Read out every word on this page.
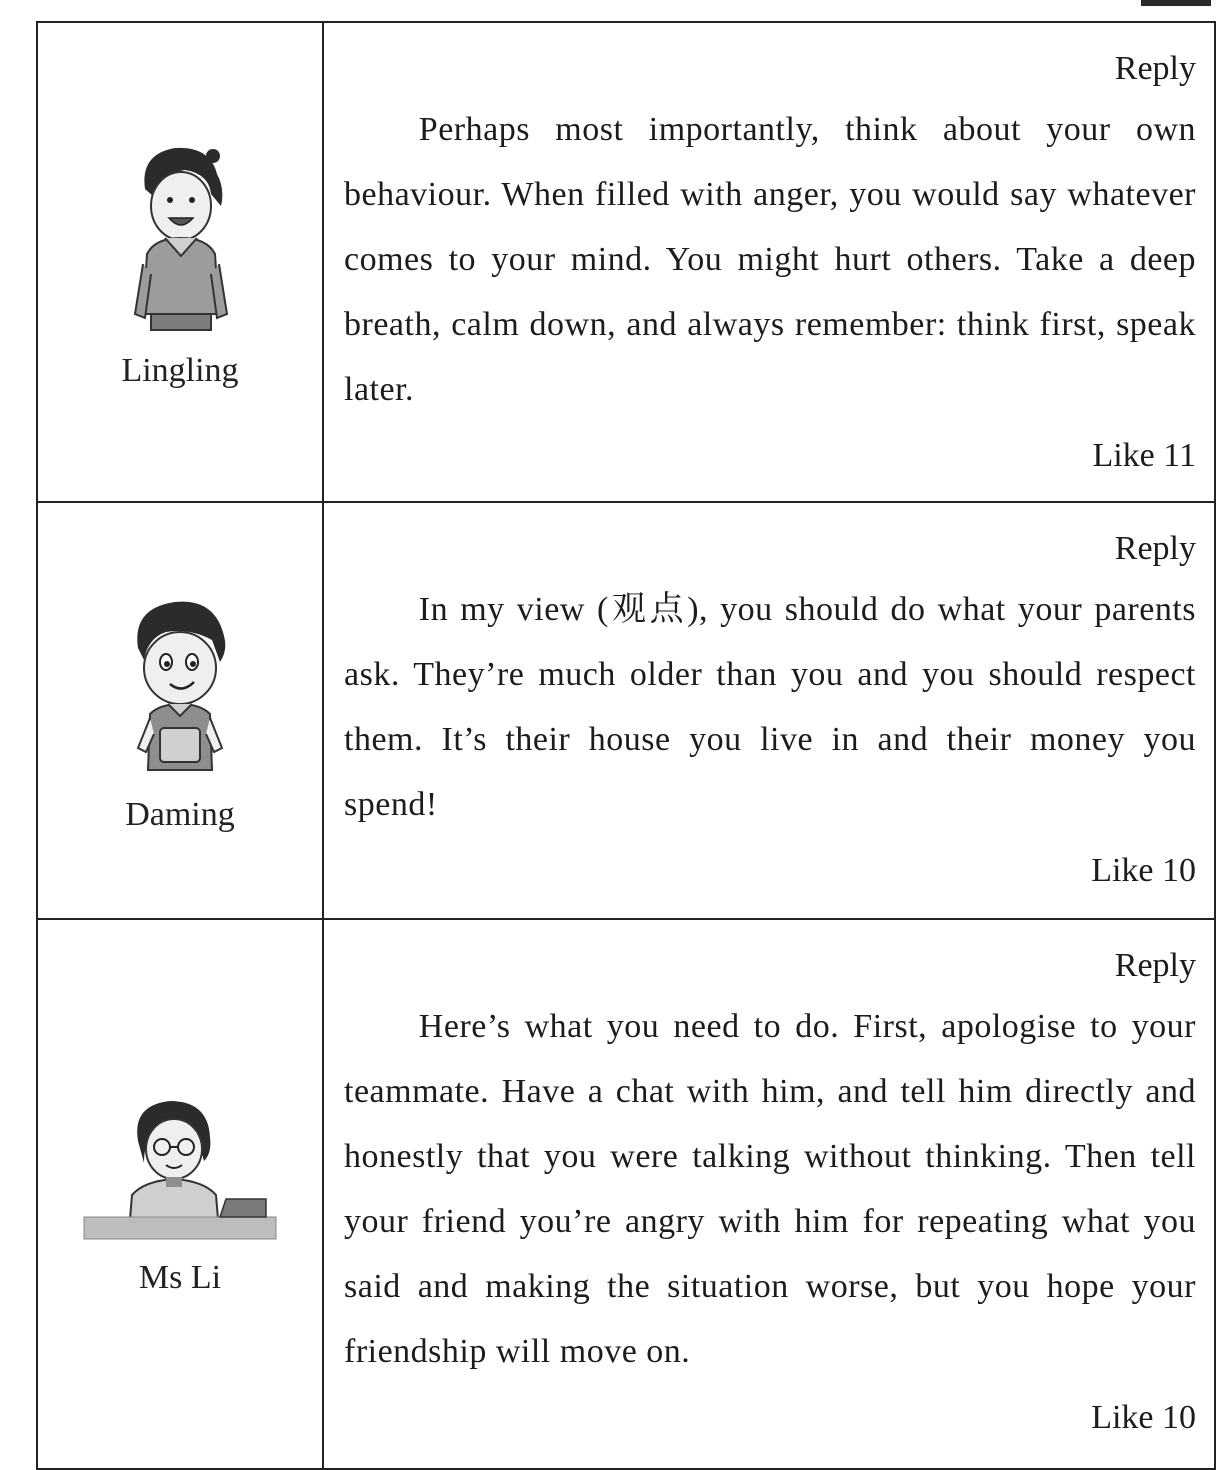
Lingling	Reply

Perhaps most importantly, think about your own behaviour. When filled with anger, you would say whatever comes to your mind. You might hurt others. Take a deep breath, calm down, and always remember: think first, speak later.

Like 11

Daming	Reply

In my view (观点), you should do what your parents ask. They’re much older than you and you should respect them. It’s their house you live in and their money you spend!

Like 10

Ms Li	Reply

Here’s what you need to do. First, apologise to your teammate. Have a chat with him, and tell him directly and honestly that you were talking without thinking. Then tell your friend you’re angry with him for repeating what you said and making the situation worse, but you hope your friendship will move on.

Like 10
